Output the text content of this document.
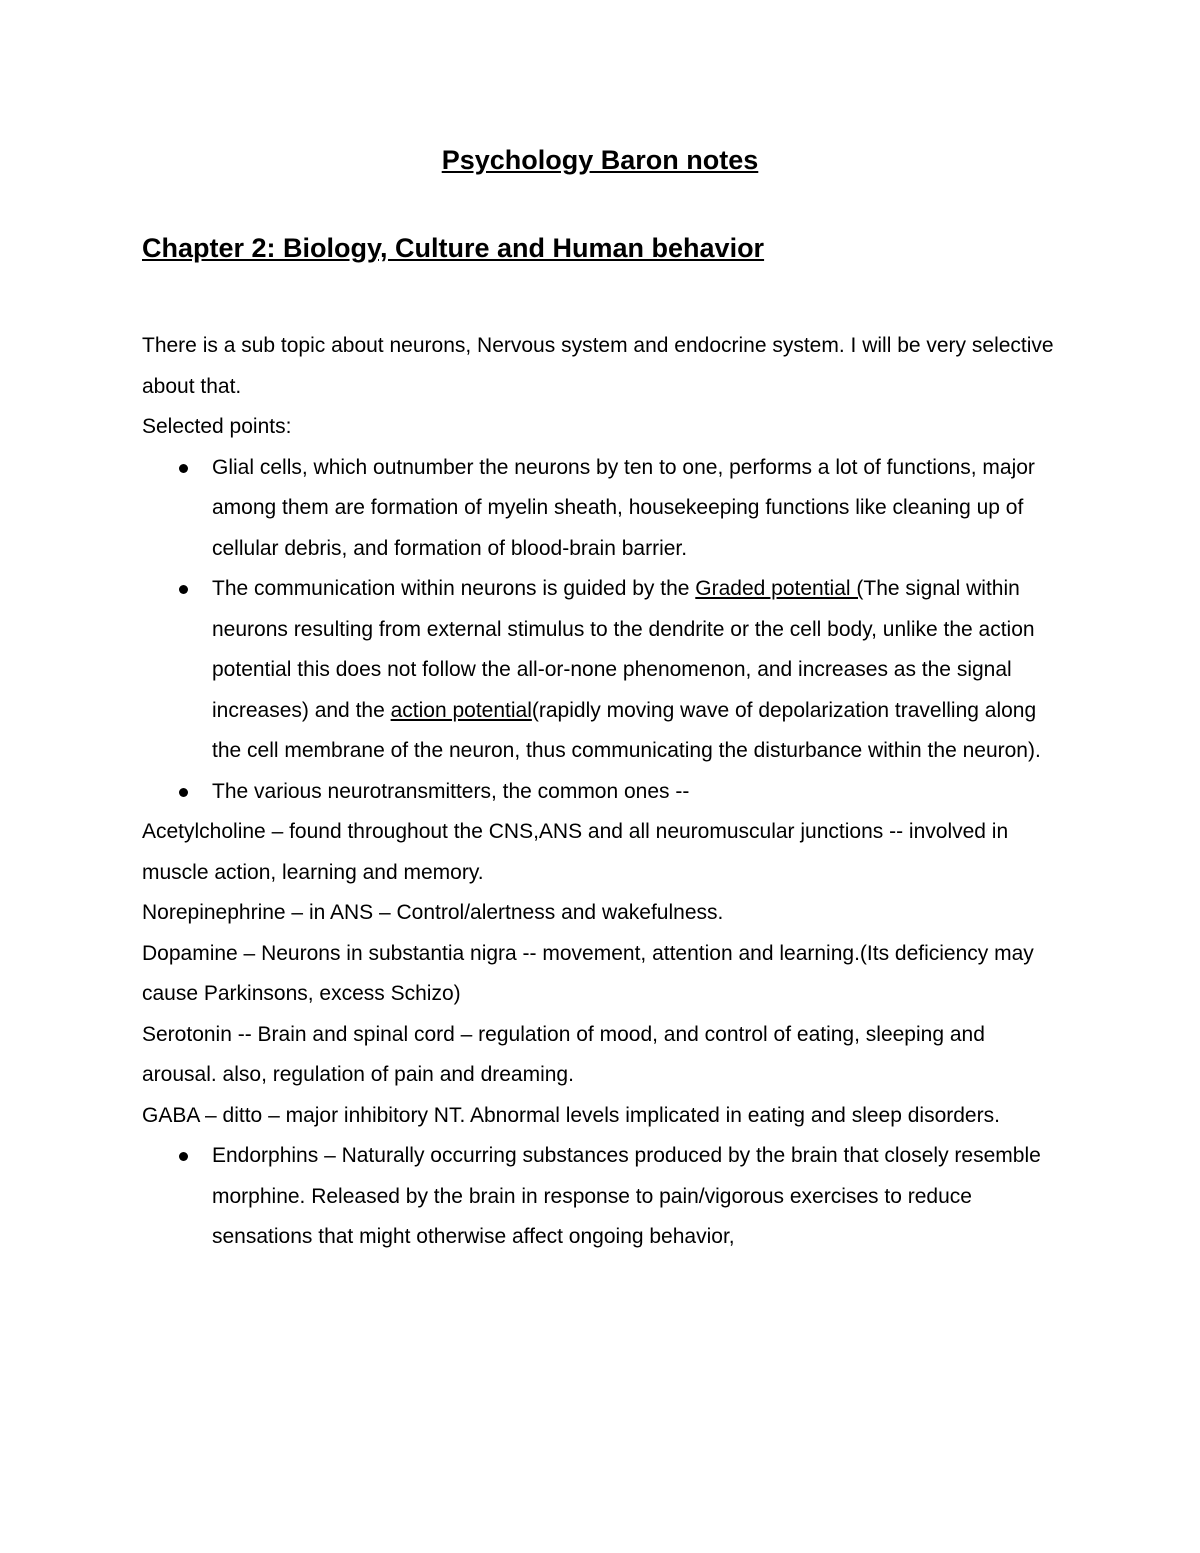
Psychology Baron notes
Chapter 2: Biology, Culture and Human behavior

There is a sub topic about neurons, Nervous system and endocrine system. I will be very selective about that.

Selected points:

Glial cells, which outnumber the neurons by ten to one, performs a lot of functions, major among them are formation of myelin sheath, housekeeping functions like cleaning up of cellular debris, and formation of blood-brain barrier.
The communication within neurons is guided by the Graded potential (The signal within neurons resulting from external stimulus to the dendrite or the cell body, unlike the action potential this does not follow the all-or-none phenomenon, and increases as the signal increases) and the action potential(rapidly moving wave of depolarization travelling along the cell membrane of the neuron, thus communicating the disturbance within the neuron).
The various neurotransmitters, the common ones --

Acetylcholine – found throughout the CNS,ANS and all neuromuscular junctions -- involved in muscle action, learning and memory.

Norepinephrine – in ANS – Control/alertness and wakefulness.

Dopamine – Neurons in substantia nigra -- movement, attention and learning.(Its deficiency may cause Parkinsons, excess Schizo)

Serotonin -- Brain and spinal cord – regulation of mood, and control of eating, sleeping and arousal. also, regulation of pain and dreaming.

GABA – ditto – major inhibitory NT. Abnormal levels implicated in eating and sleep disorders.

Endorphins – Naturally occurring substances produced by the brain that closely resemble morphine. Released by the brain in response to pain/vigorous exercises to reduce sensations that might otherwise affect ongoing behavior,
